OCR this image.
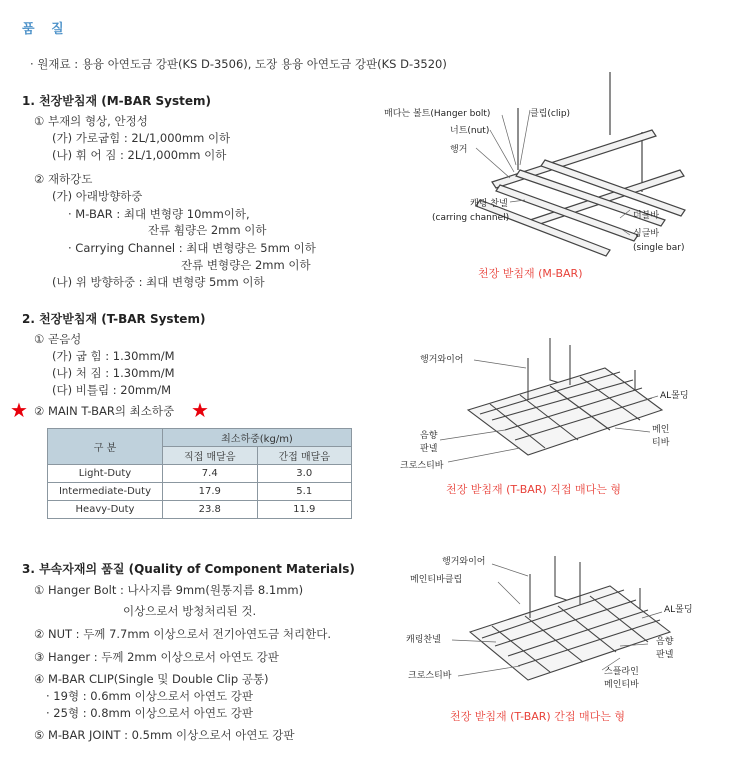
품 질
· 원재료 : 용융 아연도금 강판(KS D-3506), 도장 용융 아연도금 강판(KS D-3520)
1. 천장받침재 (M-BAR System)
① 부재의 형상, 안정성
(가) 가로굽힘 : 2L/1,000mm 이하
(나) 휘 어 짐 : 2L/1,000mm 이하
② 재하강도
(가) 아래방향하중
· M-BAR : 최대 변형량 10mm이하,
잔류 휨량은 2mm 이하
· Carrying Channel : 최대 변형량은 5mm 이하
잔류 변형량은 2mm 이하
(나) 위 방향하중 : 최대 변형량 5mm 이하
2. 천장받침재 (T-BAR System)
① 곧음성
(가) 굽 힘 : 1.30mm/M
(나) 처 짐 : 1.30mm/M
(다) 비틀림 : 20mm/M
★ ② MAIN T-BAR의 최소하중 ★
구 분	최소하중(kg/m)	
	직접 매달음	간접 매달음
Light-Duty	7.4	3.0
Intermediate-Duty	17.9	5.1
Heavy-Duty	23.8	11.9
3. 부속자재의 품질 (Quality of Component Materials)
① Hanger Bolt : 나사지름 9mm(원통지름 8.1mm)
이상으로서 방청처리된 것.
② NUT : 두께 7.7mm 이상으로서 전기아연도금 처리한다.
③ Hanger : 두께 2mm 이상으로서 아연도 강판
④ M-BAR CLIP(Single 및 Double Clip 공통)
· 19형 : 0.6mm 이상으로서 아연도 강판
· 25형 : 0.8mm 이상으로서 아연도 강판
⑤ M-BAR JOINT : 0.5mm 이상으로서 아연도 강판
매다는 볼트(Hanger bolt)	클립(clip)
너트(nut)
행거
캐링 찬넬
(carring channel)	더블바
싱글바
(single bar)
천장 받침재 (M-BAR)
행거와이어
AL몰딩
음향
판넬
메인
티바
크로스티바
천장 받침재 (T-BAR) 직접 매다는 형
행거와이어
메인티바클립
AL몰딩
캐링찬넬	음향
판넬
크로스티바	스플라인
메인티바
천장 받침재 (T-BAR) 간접 매다는 형
